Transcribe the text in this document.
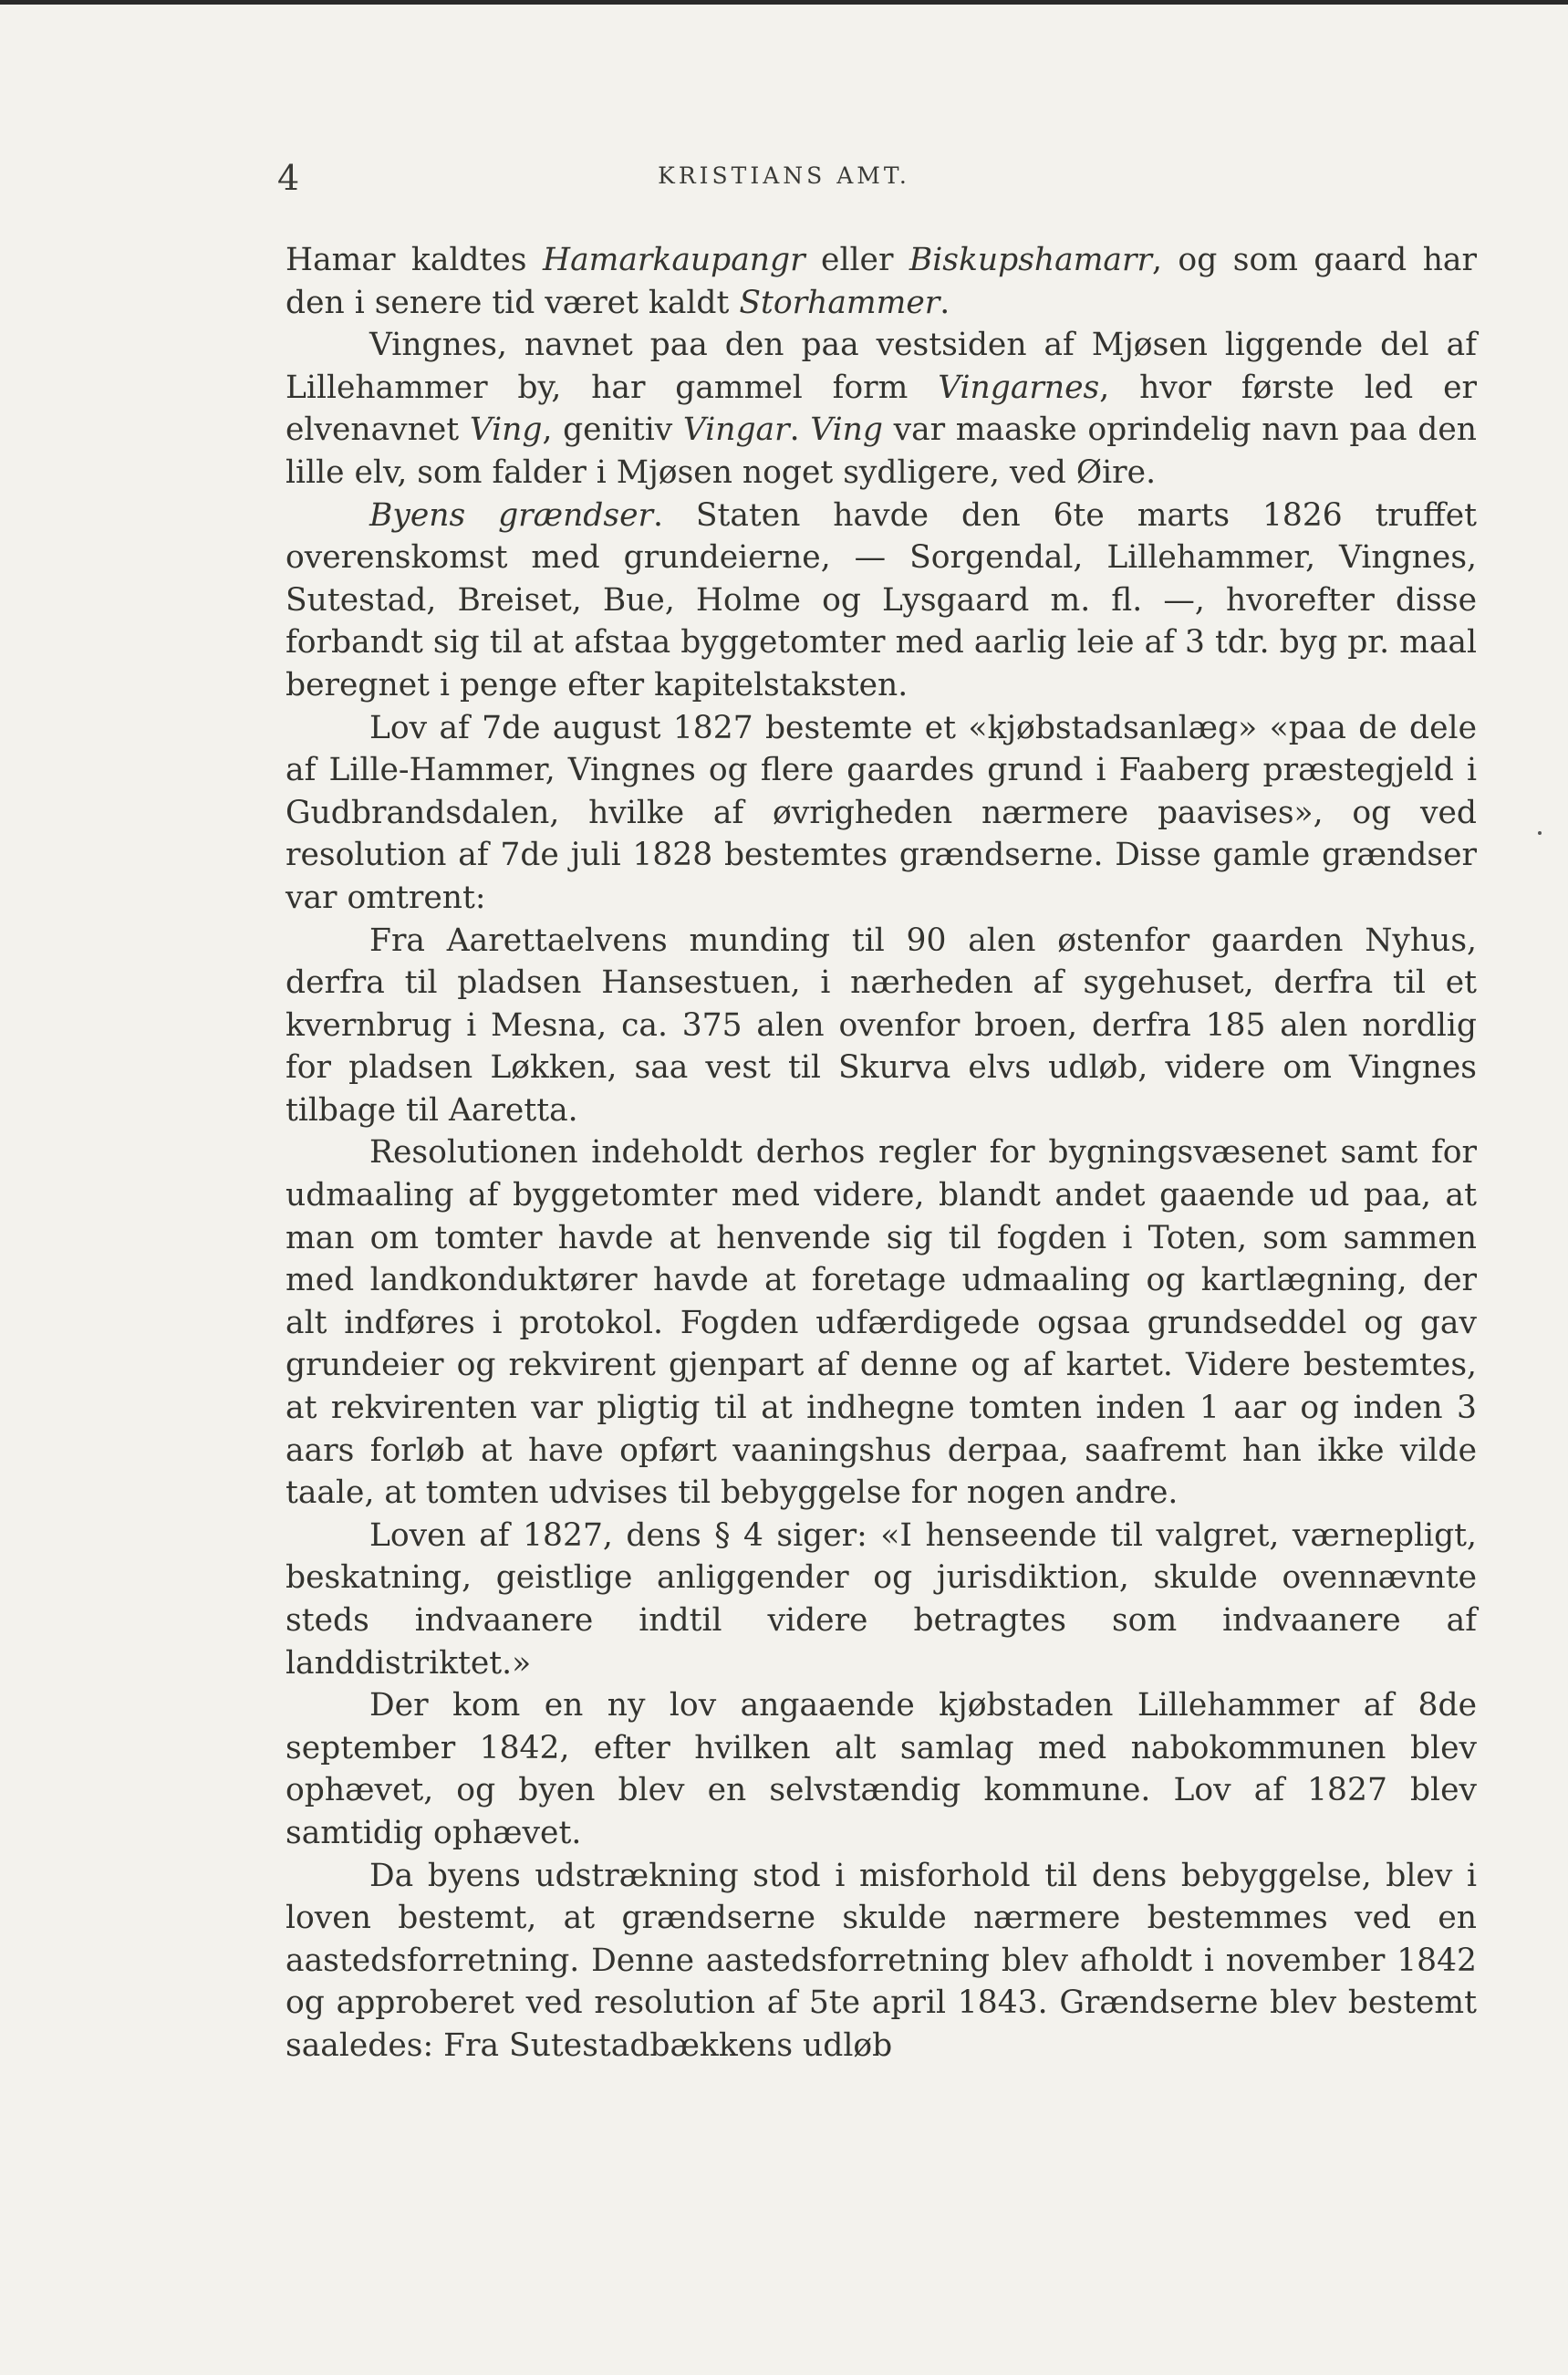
4	KRISTIANS AMT.

Hamar kaldtes Hamarkaupangr eller Biskupshamarr, og som gaard har den i senere tid været kaldt Storhammer.

Vingnes, navnet paa den paa vestsiden af Mjøsen liggende del af Lillehammer by, har gammel form Vingarnes, hvor første led er elvenavnet Ving, genitiv Vingar. Ving var maaske oprindelig navn paa den lille elv, som falder i Mjøsen noget sydligere, ved Øire.

Byens grændser. Staten havde den 6te marts 1826 truffet overenskomst med grundeierne, — Sorgendal, Lillehammer, Vingnes, Sutestad, Breiset, Bue, Holme og Lysgaard m. fl. —, hvorefter disse forbandt sig til at afstaa byggetomter med aarlig leie af 3 tdr. byg pr. maal beregnet i penge efter kapitelstaksten.

Lov af 7de august 1827 bestemte et «kjøbstadsanlæg» «paa de dele af Lille-Hammer, Vingnes og flere gaardes grund i Faaberg præstegjeld i Gudbrandsdalen, hvilke af øvrigheden nærmere paavises», og ved resolution af 7de juli 1828 bestemtes grændserne. Disse gamle grændser var omtrent:

Fra Aarettaelvens munding til 90 alen østenfor gaarden Nyhus, derfra til pladsen Hansestuen, i nærheden af sygehuset, derfra til et kvernbrug i Mesna, ca. 375 alen ovenfor broen, derfra 185 alen nordlig for pladsen Løkken, saa vest til Skurva elvs udløb, videre om Vingnes tilbage til Aaretta.

Resolutionen indeholdt derhos regler for bygningsvæsenet samt for udmaaling af byggetomter med videre, blandt andet gaaende ud paa, at man om tomter havde at henvende sig til fogden i Toten, som sammen med landkonduktører havde at foretage udmaaling og kartlægning, der alt indføres i protokol. Fogden udfærdigede ogsaa grundseddel og gav grundeier og rekvirent gjenpart af denne og af kartet. Videre bestemtes, at rekvirenten var pligtig til at indhegne tomten inden 1 aar og inden 3 aars forløb at have opført vaaningshus derpaa, saafremt han ikke vilde taale, at tomten udvises til bebyggelse for nogen andre.

Loven af 1827, dens § 4 siger: «I henseende til valgret, værnepligt, beskatning, geistlige anliggender og jurisdiktion, skulde ovennævnte steds indvaanere indtil videre betragtes som indvaanere af landdistriktet.»

Der kom en ny lov angaaende kjøbstaden Lillehammer af 8de september 1842, efter hvilken alt samlag med nabokommunen blev ophævet, og byen blev en selvstændig kommune. Lov af 1827 blev samtidig ophævet.

Da byens udstrækning stod i misforhold til dens bebyggelse, blev i loven bestemt, at grændserne skulde nærmere bestemmes ved en aastedsforretning. Denne aastedsforretning blev afholdt i november 1842 og approberet ved resolution af 5te april 1843. Grændserne blev bestemt saaledes: Fra Sutestadbækkens udløb
